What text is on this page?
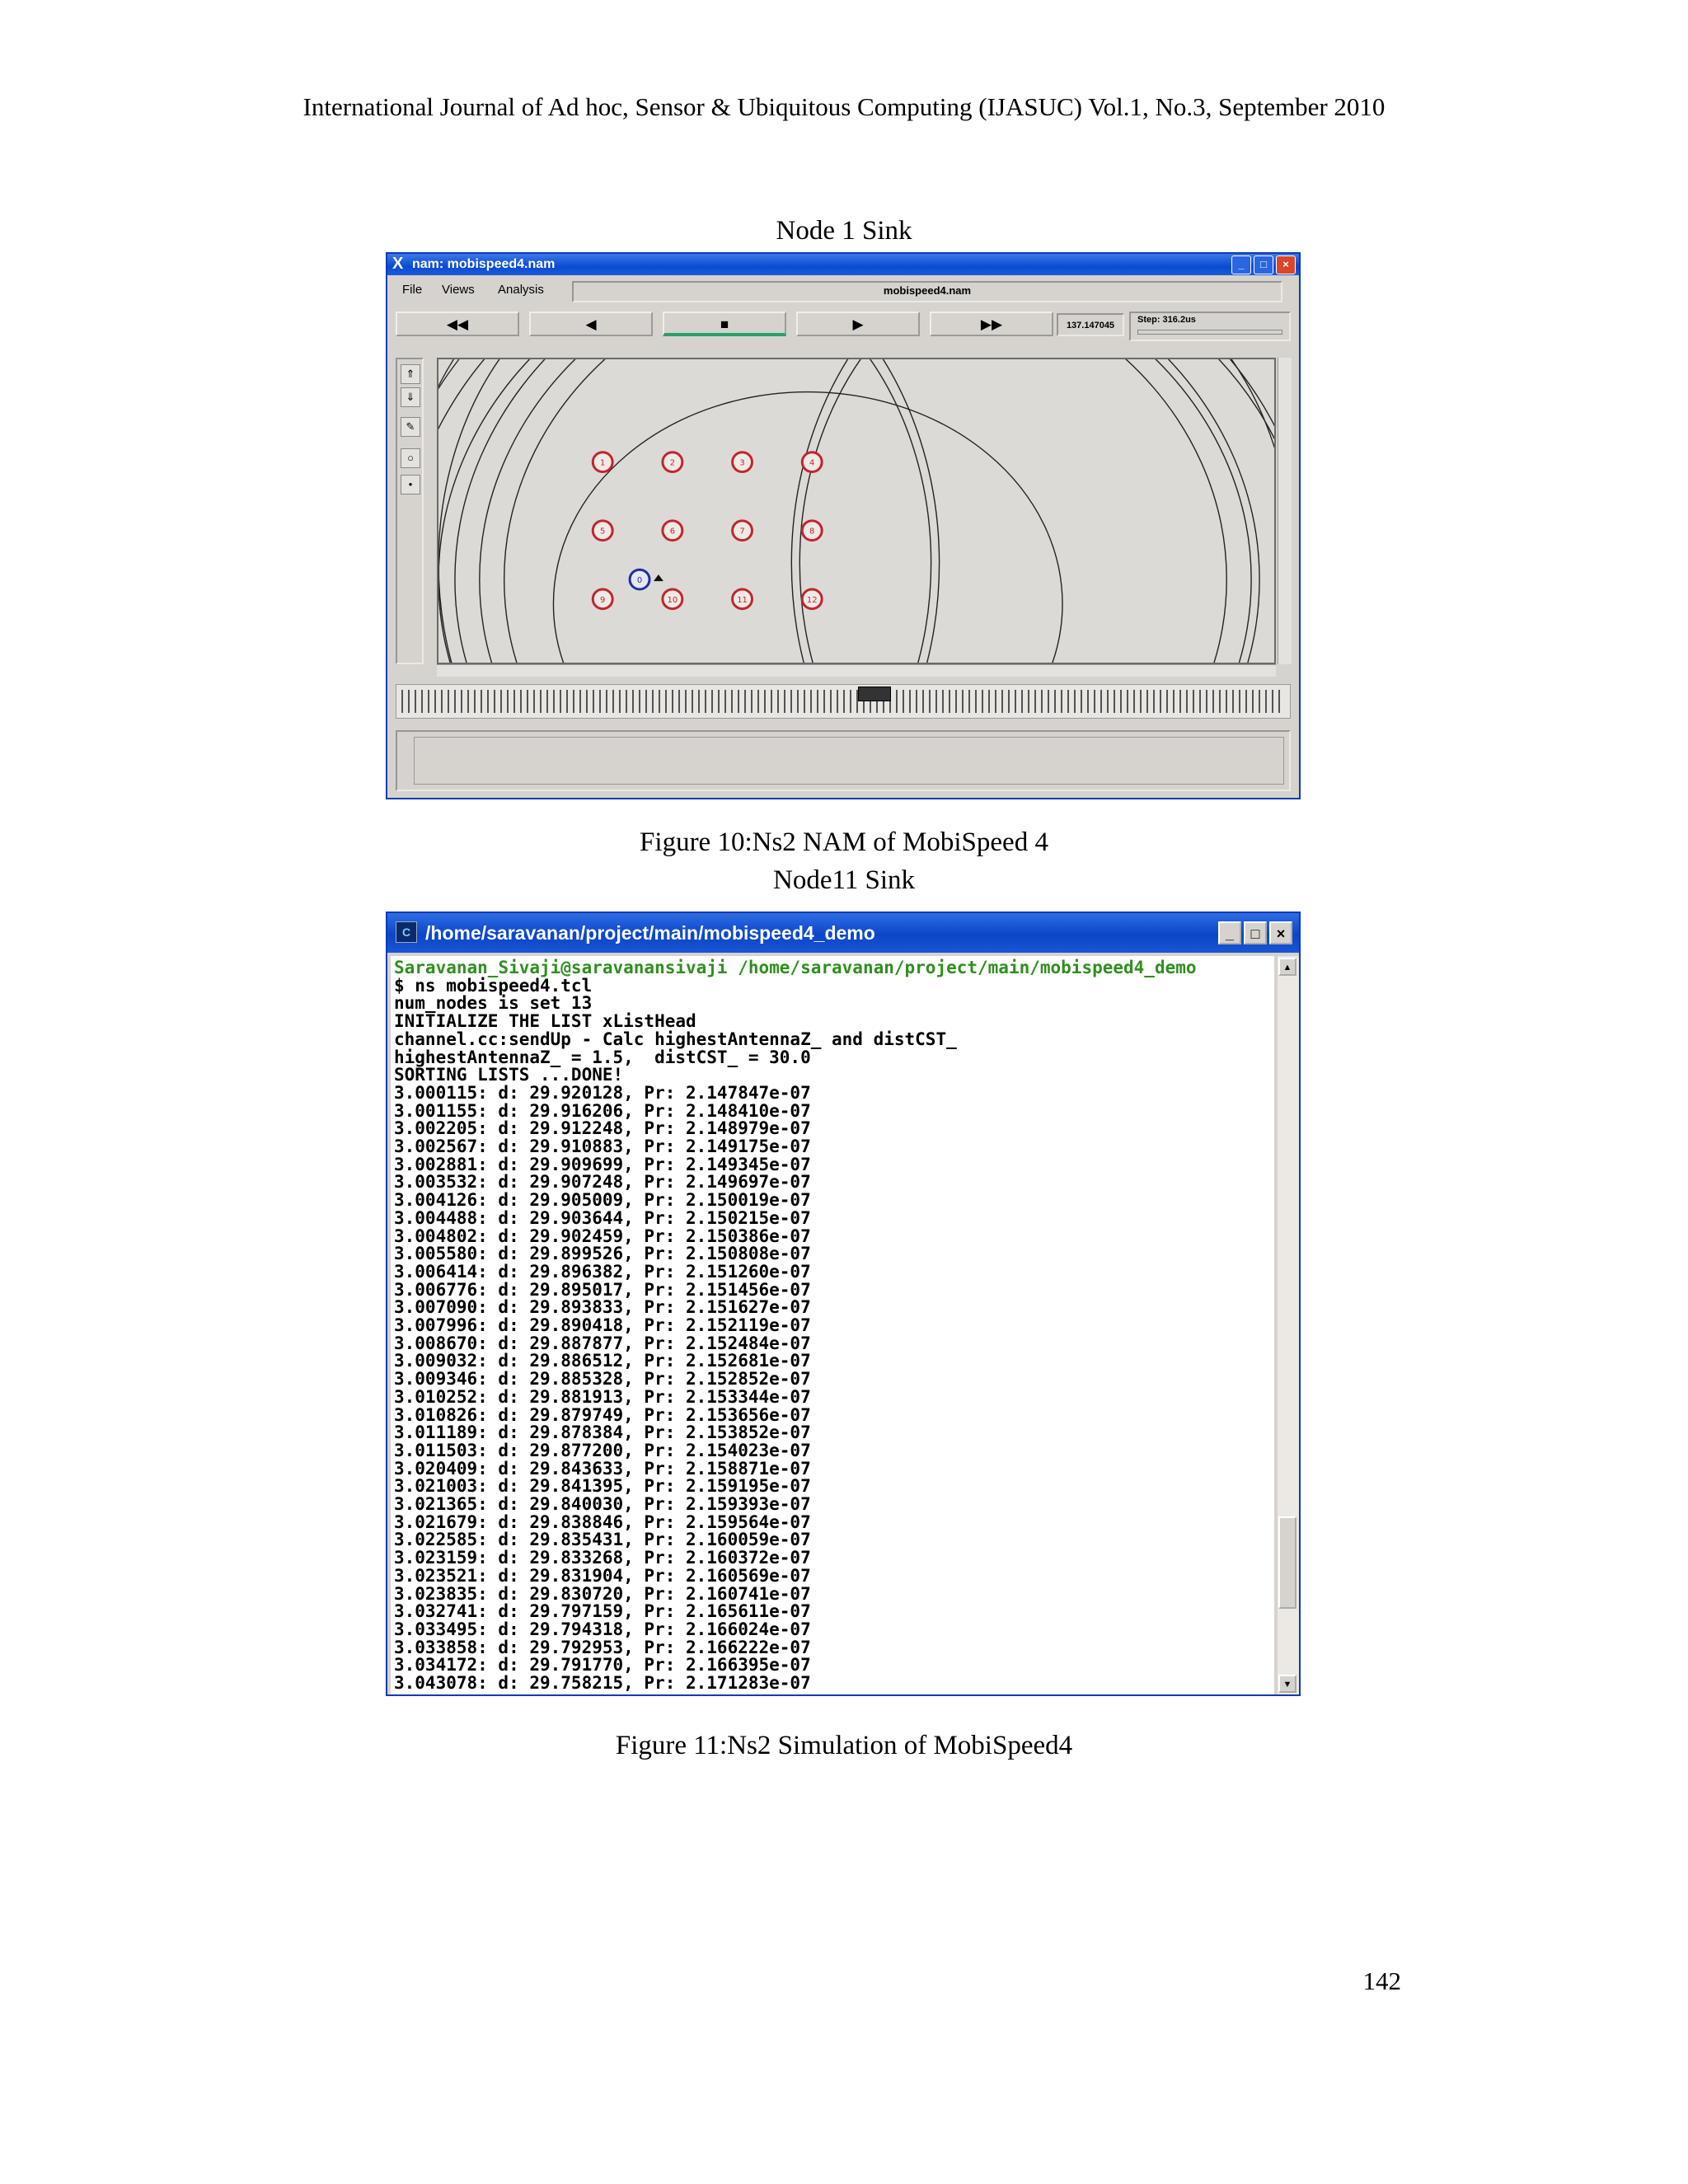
International Journal of Ad hoc, Sensor & Ubiquitous Computing (IJASUC) Vol.1, No.3, September 2010
Node 1 Sink
X nam: mobispeed4.nam	_	□	×
File Views Analysis	mobispeed4.nam
◀◀	◀	■	▶	▶▶	137.147045
Step: 316.2us
⇑
⇓
✎
○
•
1	2	3	4
5	6	7	8
9	10	11	12
0
Figure 10:Ns2 NAM of MobiSpeed 4
Node11 Sink
C /home/saravanan/project/main/mobispeed4_demo	_	□	×
Saravanan_Sivaji@saravanansivaji /home/saravanan/project/main/mobispeed4_demo
$ ns mobispeed4.tcl
num_nodes is set 13
INITIALIZE THE LIST xListHead
channel.cc:sendUp - Calc highestAntennaZ_ and distCST_
highestAntennaZ_ = 1.5,  distCST_ = 30.0
SORTING LISTS ...DONE!
3.000115: d: 29.920128, Pr: 2.147847e-07
3.001155: d: 29.916206, Pr: 2.148410e-07
3.002205: d: 29.912248, Pr: 2.148979e-07
3.002567: d: 29.910883, Pr: 2.149175e-07
3.002881: d: 29.909699, Pr: 2.149345e-07
3.003532: d: 29.907248, Pr: 2.149697e-07
3.004126: d: 29.905009, Pr: 2.150019e-07
3.004488: d: 29.903644, Pr: 2.150215e-07
3.004802: d: 29.902459, Pr: 2.150386e-07
3.005580: d: 29.899526, Pr: 2.150808e-07
3.006414: d: 29.896382, Pr: 2.151260e-07
3.006776: d: 29.895017, Pr: 2.151456e-07
3.007090: d: 29.893833, Pr: 2.151627e-07
3.007996: d: 29.890418, Pr: 2.152119e-07
3.008670: d: 29.887877, Pr: 2.152484e-07
3.009032: d: 29.886512, Pr: 2.152681e-07
3.009346: d: 29.885328, Pr: 2.152852e-07
3.010252: d: 29.881913, Pr: 2.153344e-07
3.010826: d: 29.879749, Pr: 2.153656e-07
3.011189: d: 29.878384, Pr: 2.153852e-07
3.011503: d: 29.877200, Pr: 2.154023e-07
3.020409: d: 29.843633, Pr: 2.158871e-07
3.021003: d: 29.841395, Pr: 2.159195e-07
3.021365: d: 29.840030, Pr: 2.159393e-07
3.021679: d: 29.838846, Pr: 2.159564e-07
3.022585: d: 29.835431, Pr: 2.160059e-07
3.023159: d: 29.833268, Pr: 2.160372e-07
3.023521: d: 29.831904, Pr: 2.160569e-07
3.023835: d: 29.830720, Pr: 2.160741e-07
3.032741: d: 29.797159, Pr: 2.165611e-07
3.033495: d: 29.794318, Pr: 2.166024e-07
3.033858: d: 29.792953, Pr: 2.166222e-07
3.034172: d: 29.791770, Pr: 2.166395e-07
3.043078: d: 29.758215, Pr: 2.171283e-07
▲
▼
Figure 11:Ns2 Simulation of MobiSpeed4
142
